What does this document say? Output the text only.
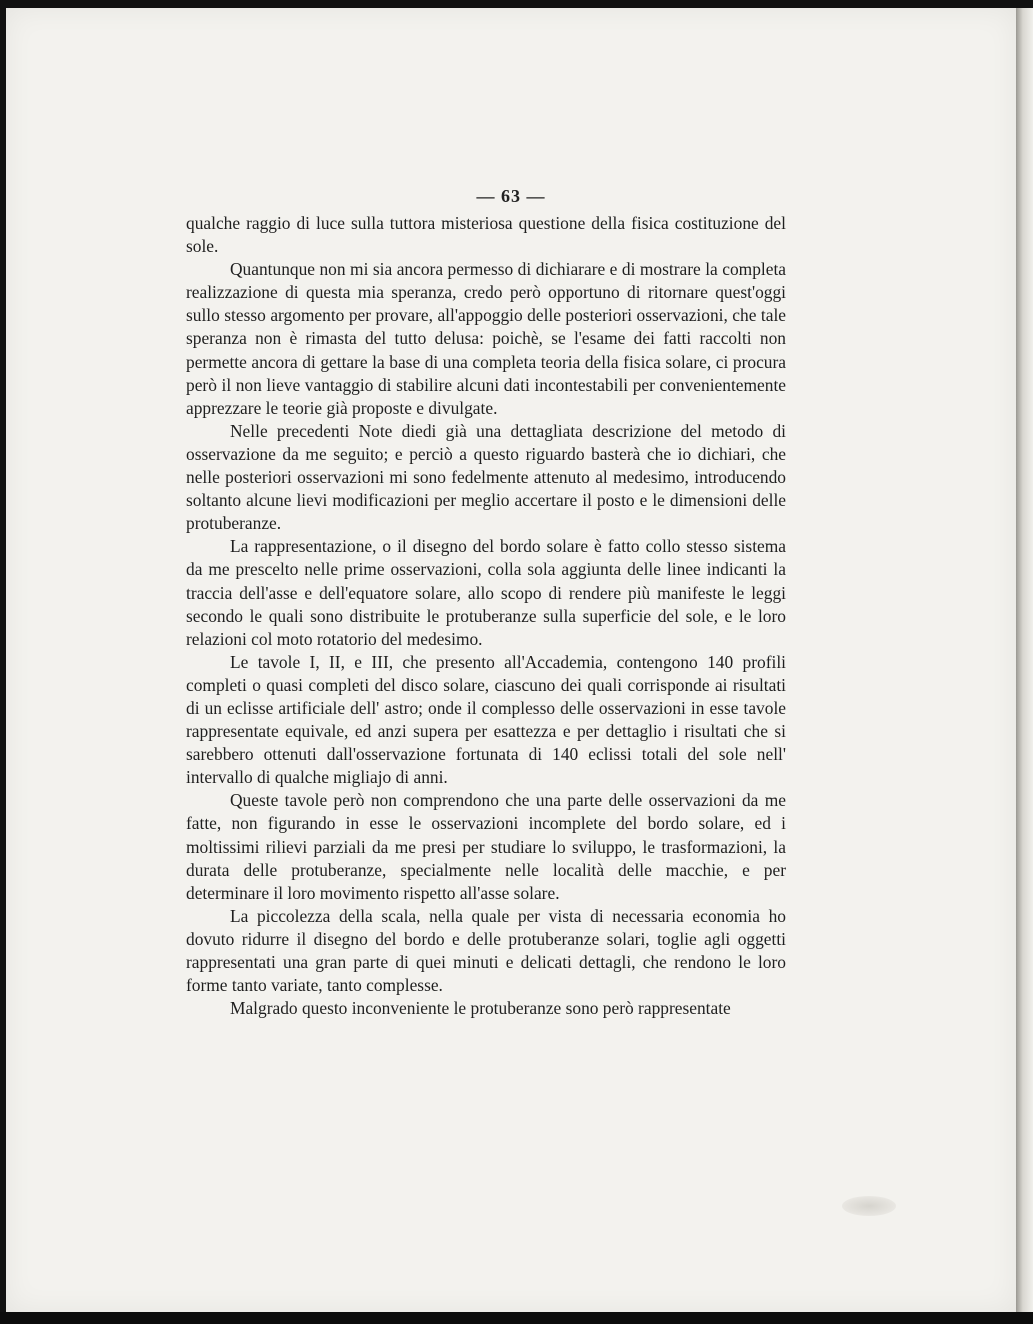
— 63 —

qualche raggio di luce sulla tuttora misteriosa questione della fisica costituzione del sole.

Quantunque non mi sia ancora permesso di dichiarare e di mostrare la completa realizzazione di questa mia speranza, credo però opportuno di ritornare quest'oggi sullo stesso argomento per provare, all'appoggio delle posteriori osservazioni, che tale speranza non è rimasta del tutto delusa: poichè, se l'esame dei fatti raccolti non permette ancora di gettare la base di una completa teoria della fisica solare, ci procura però il non lieve vantaggio di stabilire alcuni dati incontestabili per convenientemente apprezzare le teorie già proposte e divulgate.

Nelle precedenti Note diedi già una dettagliata descrizione del metodo di osservazione da me seguito; e perciò a questo riguardo basterà che io dichiari, che nelle posteriori osservazioni mi sono fedelmente attenuto al medesimo, introducendo soltanto alcune lievi modificazioni per meglio accertare il posto e le dimensioni delle protuberanze.

La rappresentazione, o il disegno del bordo solare è fatto collo stesso sistema da me prescelto nelle prime osservazioni, colla sola aggiunta delle linee indicanti la traccia dell'asse e dell'equatore solare, allo scopo di rendere più manifeste le leggi secondo le quali sono distribuite le protuberanze sulla superficie del sole, e le loro relazioni col moto rotatorio del medesimo.

Le tavole I, II, e III, che presento all'Accademia, contengono 140 profili completi o quasi completi del disco solare, ciascuno dei quali corrisponde ai risultati di un eclisse artificiale dell' astro; onde il complesso delle osservazioni in esse tavole rappresentate equivale, ed anzi supera per esattezza e per dettaglio i risultati che si sarebbero ottenuti dall'osservazione fortunata di 140 eclissi totali del sole nell' intervallo di qualche migliajo di anni.

Queste tavole però non comprendono che una parte delle osservazioni da me fatte, non figurando in esse le osservazioni incomplete del bordo solare, ed i moltissimi rilievi parziali da me presi per studiare lo sviluppo, le trasformazioni, la durata delle protuberanze, specialmente nelle località delle macchie, e per determinare il loro movimento rispetto all'asse solare.

La piccolezza della scala, nella quale per vista di necessaria economia ho dovuto ridurre il disegno del bordo e delle protuberanze solari, toglie agli oggetti rappresentati una gran parte di quei minuti e delicati dettagli, che rendono le loro forme tanto variate, tanto complesse.

Malgrado questo inconveniente le protuberanze sono però rappresentate
